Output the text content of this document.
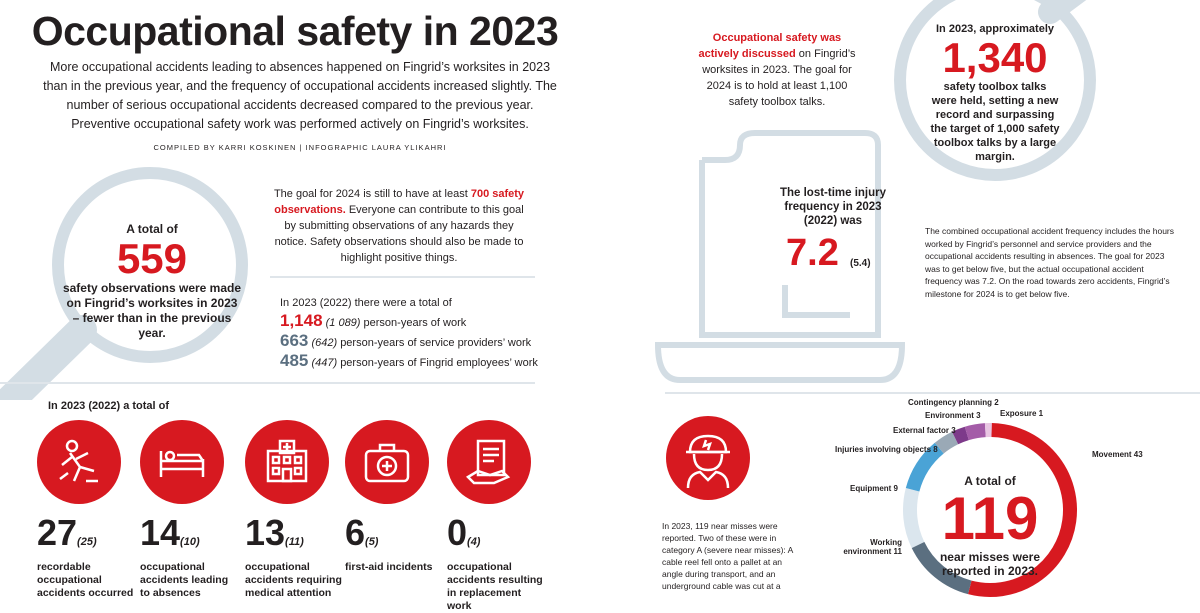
Occupational safety in 2023
More occupational accidents leading to absences happened on Fingrid’s worksites in 2023 than in the previous year, and the frequency of occupational accidents increased slightly. The number of serious occupational accidents decreased compared to the previous year. Preventive occupational safety work was performed actively on Fingrid’s worksites.
COMPILED BY KARRI KOSKINEN | INFOGRAPHIC LAURA YLIKAHRI
The goal for 2024 is still to have at least 700 safety observations. Everyone can contribute to this goal by submitting observations of any hazards they notice. Safety observations should also be made to highlight positive things.
A total of
559
safety observations were made on Fingrid’s worksites in 2023 – fewer than in the previous year.
In 2023 (2022) there were a total of
1,148 (1 089) person-years of work
663 (642) person-years of service providers’ work
485 (447) person-years of Fingrid employees’ work
In 2023 (2022) a total of
27(25)
recordable occupational accidents occurred
14(10)
occupational accidents leading to absences
13(11)
occupational accidents requiring medical attention
6(5)
first-aid incidents
0(4)
occupational accidents resulting in replacement work
Occupational safety was actively discussed on Fingrid’s worksites in 2023. The goal for 2024 is to hold at least 1,100 safety toolbox talks.
In 2023, approximately
1,340
safety toolbox talks were held, setting a new record and surpassing the target of 1,000 safety toolbox talks by a large margin.
The lost-time injury frequency in 2023 (2022) was
7.2 (5.4)
The combined occupational accident frequency includes the hours worked by Fingrid’s personnel and service providers and the occupational accidents resulting in absences. The goal for 2023 was to get below five, but the actual occupational accident frequency was 7.2. On the road towards zero accidents, Fingrid’s milestone for 2024 is to get below five.
In 2023, 119 near misses were reported. Two of these were in category A (severe near misses): A cable reel fell onto a pallet at an angle during transport, and an underground cable was cut at a
A total of
119
near misses were reported in 2023.
Movement 43
Working environment 11
Equipment 9
Injuries involving objects 8
External factor 3
Environment 3
Contingency planning 2
Exposure 1
